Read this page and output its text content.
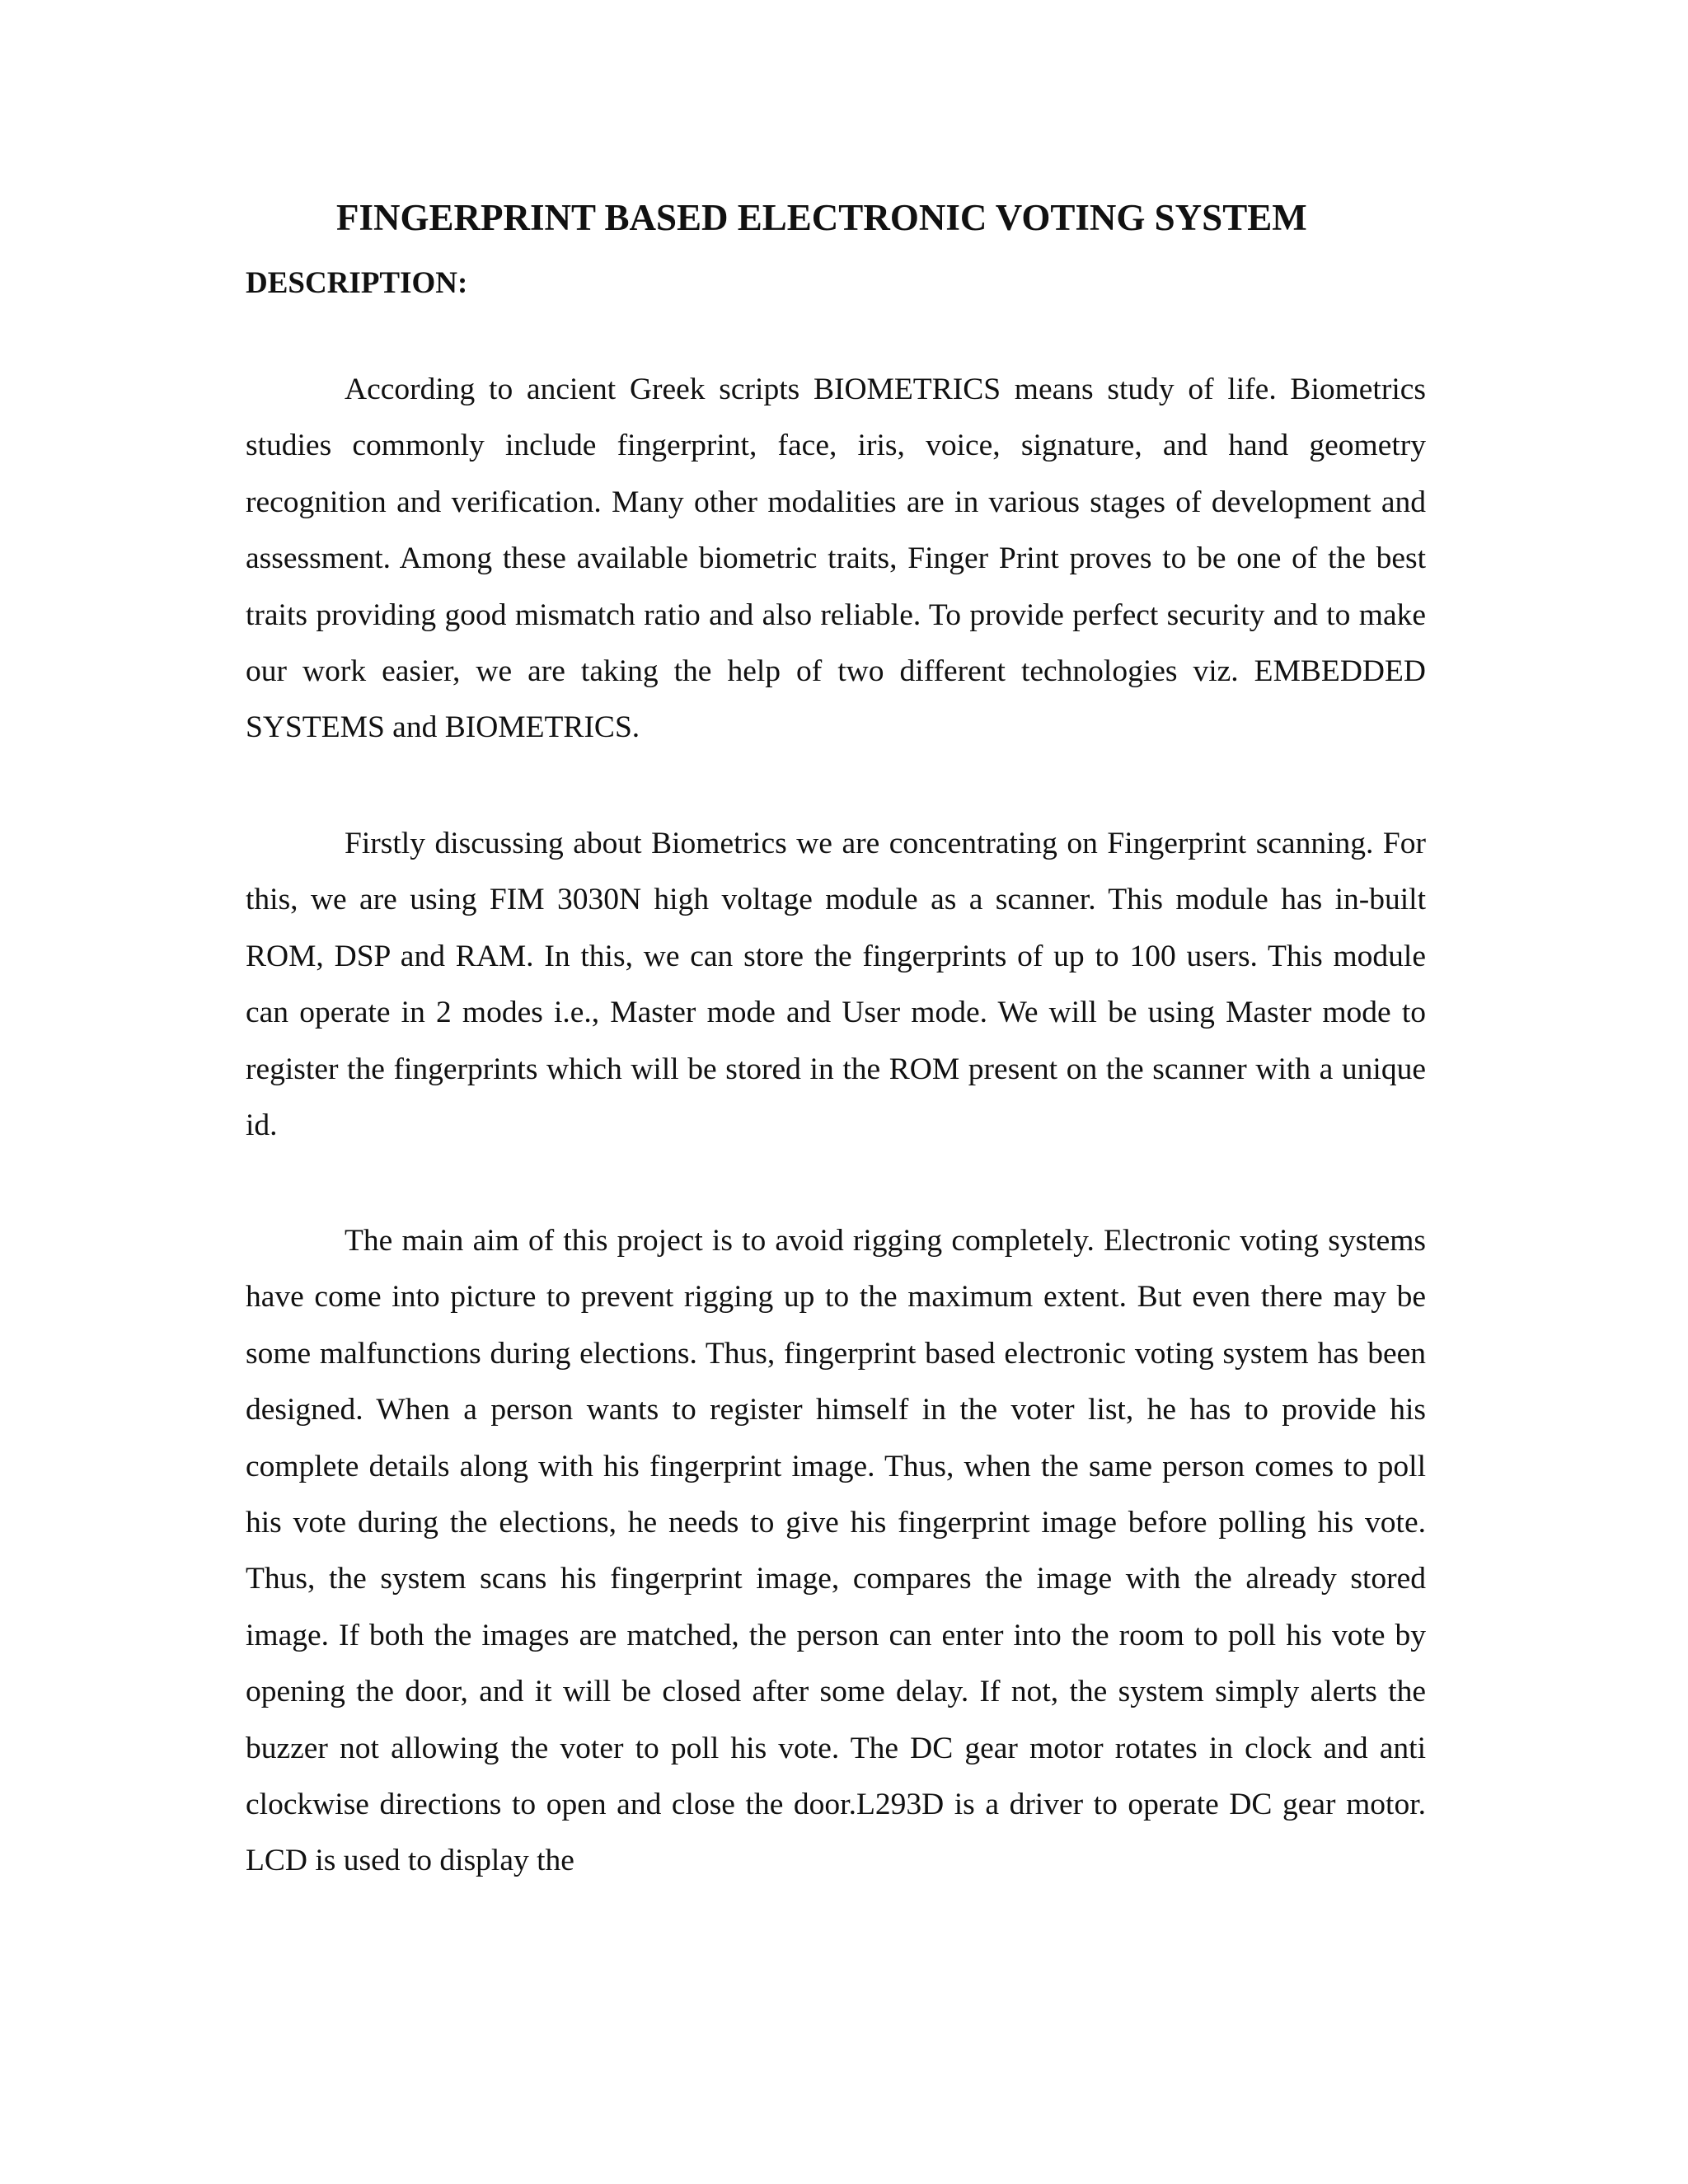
FINGERPRINT BASED ELECTRONIC VOTING SYSTEM
DESCRIPTION:

According to ancient Greek scripts BIOMETRICS means study of life. Biometrics studies commonly include fingerprint, face, iris, voice, signature, and hand geometry recognition and verification. Many other modalities are in various stages of development and assessment. Among these available biometric traits, Finger Print proves to be one of the best traits providing good mismatch ratio and also reliable. To provide perfect security and to make our work easier, we are taking the help of two different technologies viz. EMBEDDED SYSTEMS and BIOMETRICS.

Firstly discussing about Biometrics we are concentrating on Fingerprint scanning. For this, we are using FIM 3030N high voltage module as a scanner. This module has in-built ROM, DSP and RAM. In this, we can store the fingerprints of up to 100 users. This module can operate in 2 modes i.e., Master mode and User mode. We will be using Master mode to register the fingerprints which will be stored in the ROM present on the scanner with a unique id.

The main aim of this project is to avoid rigging completely. Electronic voting systems have come into picture to prevent rigging up to the maximum extent. But even there may be some malfunctions during elections. Thus, fingerprint based electronic voting system has been designed. When a person wants to register himself in the voter list, he has to provide his complete details along with his fingerprint image. Thus, when the same person comes to poll his vote during the elections, he needs to give his fingerprint image before polling his vote. Thus, the system scans his fingerprint image, compares the image with the already stored image. If both the images are matched, the person can enter into the room to poll his vote by opening the door, and it will be closed after some delay. If not, the system simply alerts the buzzer not allowing the voter to poll his vote. The DC gear motor rotates in clock and anti clockwise directions to open and close the door.L293D is a driver to operate DC gear motor. LCD is used to display the
